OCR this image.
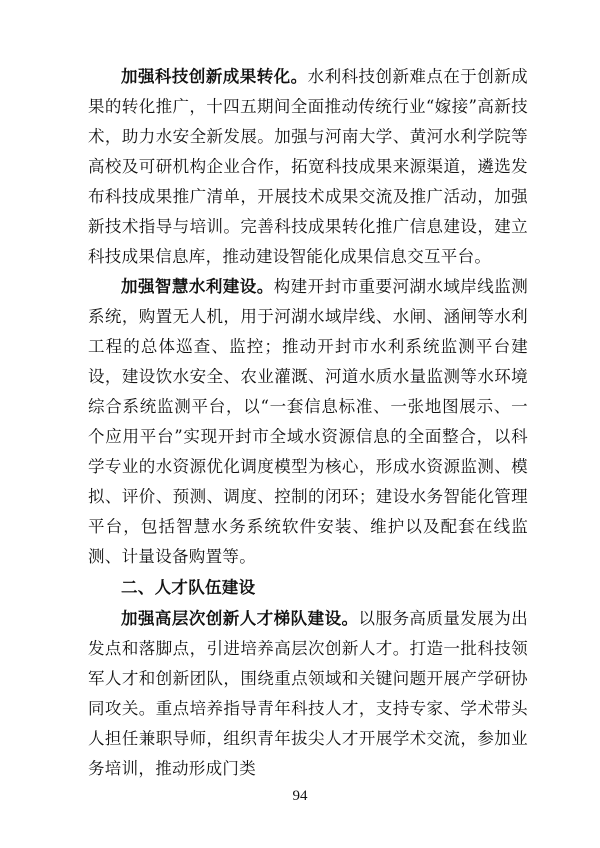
加强科技创新成果转化。水利科技创新难点在于创新成果的转化推广，十四五期间全面推动传统行业“嫁接”高新技术，助力水安全新发展。加强与河南大学、黄河水利学院等高校及可研机构企业合作，拓宽科技成果来源渠道，遴选发布科技成果推广清单，开展技术成果交流及推广活动，加强新技术指导与培训。完善科技成果转化推广信息建设，建立科技成果信息库，推动建设智能化成果信息交互平台。

加强智慧水利建设。构建开封市重要河湖水域岸线监测系统，购置无人机，用于河湖水域岸线、水闸、涵闸等水利工程的总体巡查、监控；推动开封市水利系统监测平台建设，建设饮水安全、农业灌溉、河道水质水量监测等水环境综合系统监测平台，以“一套信息标准、一张地图展示、一个应用平台”实现开封市全域水资源信息的全面整合，以科学专业的水资源优化调度模型为核心，形成水资源监测、模拟、评价、预测、调度、控制的闭环；建设水务智能化管理平台，包括智慧水务系统软件安装、维护以及配套在线监测、计量设备购置等。

二、人才队伍建设

加强高层次创新人才梯队建设。以服务高质量发展为出发点和落脚点，引进培养高层次创新人才。打造一批科技领军人才和创新团队，围绕重点领域和关键问题开展产学研协同攻关。重点培养指导青年科技人才，支持专家、学术带头人担任兼职导师，组织青年拔尖人才开展学术交流，参加业务培训，推动形成门类

94
